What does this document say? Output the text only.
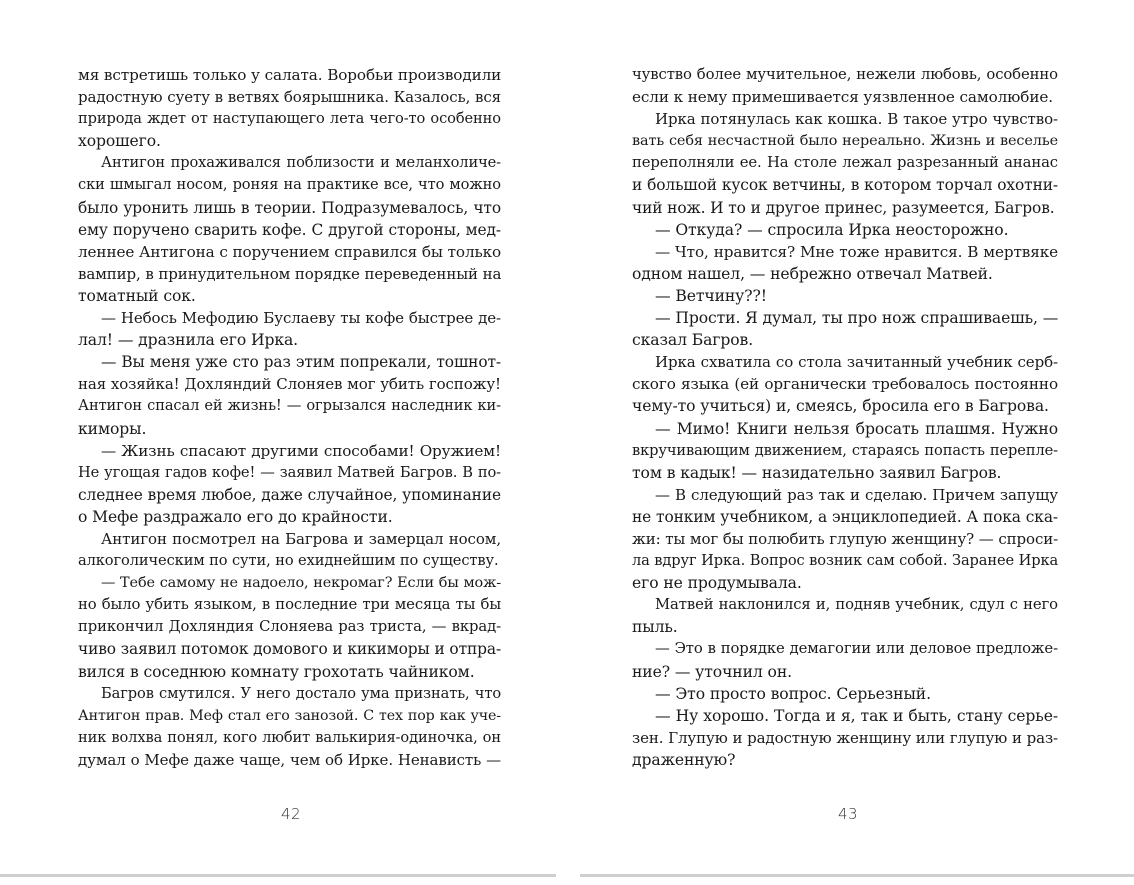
мя встретишь только у салата. Воробьи производили
радостную суету в ветвях боярышника. Казалось, вся
природа ждет от наступающего лета чего-то особенно
хорошего.
Антигон прохаживался поблизости и меланхоличе-
ски шмыгал носом, роняя на практике все, что можно
было уронить лишь в теории. Подразумевалось, что
ему поручено сварить кофе. С другой стороны, мед-
леннее Антигона с поручением справился бы только
вампир, в принудительном порядке переведенный на
томатный сок.
— Небось Мефодию Буслаеву ты кофе быстрее де-
лал! — дразнила его Ирка.
— Вы меня уже сто раз этим попрекали, тошнот-
ная хозяйка! Дохляндий Слоняев мог убить госпожу!
Антигон спасал ей жизнь! — огрызался наследник ки-
киморы.
— Жизнь спасают другими способами! Оружием!
Не угощая гадов кофе! — заявил Матвей Багров. В по-
следнее время любое, даже случайное, упоминание
о Мефе раздражало его до крайности.
Антигон посмотрел на Багрова и замерцал носом,
алкоголическим по сути, но ехиднейшим по существу.
— Тебе самому не надоело, некромаг? Если бы мож-
но было убить языком, в последние три месяца ты бы
прикончил Дохляндия Слоняева раз триста, — вкрад-
чиво заявил потомок домового и кикиморы и отпра-
вился в соседнюю комнату грохотать чайником.
Багров смутился. У него достало ума признать, что
Антигон прав. Меф стал его занозой. С тех пор как уче-
ник волхва понял, кого любит валькирия-одиночка, он
думал о Мефе даже чаще, чем об Ирке. Ненависть —
42
чувство более мучительное, нежели любовь, особенно
если к нему примешивается уязвленное самолюбие.
Ирка потянулась как кошка. В такое утро чувство-
вать себя несчастной было нереально. Жизнь и веселье
переполняли ее. На столе лежал разрезанный ананас
и большой кусок ветчины, в котором торчал охотни-
чий нож. И то и другое принес, разумеется, Багров.
— Откуда? — спросила Ирка неосторожно.
— Что, нравится? Мне тоже нравится. В мертвяке
одном нашел, — небрежно отвечал Матвей.
— Ветчину??!
— Прости. Я думал, ты про нож спрашиваешь, —
сказал Багров.
Ирка схватила со стола зачитанный учебник серб-
ского языка (ей органически требовалось постоянно
чему-то учиться) и, смеясь, бросила его в Багрова.
— Мимо! Книги нельзя бросать плашмя. Нужно
вкручивающим движением, стараясь попасть перепле-
том в кадык! — назидательно заявил Багров.
— В следующий раз так и сделаю. Причем запущу
не тонким учебником, а энциклопедией. А пока ска-
жи: ты мог бы полюбить глупую женщину? — спроси-
ла вдруг Ирка. Вопрос возник сам собой. Заранее Ирка
его не продумывала.
Матвей наклонился и, подняв учебник, сдул с него
пыль.
— Это в порядке демагогии или деловое предложе-
ние? — уточнил он.
— Это просто вопрос. Серьезный.
— Ну хорошо. Тогда и я, так и быть, стану серье-
зен. Глупую и радостную женщину или глупую и раз-
драженную?
43
